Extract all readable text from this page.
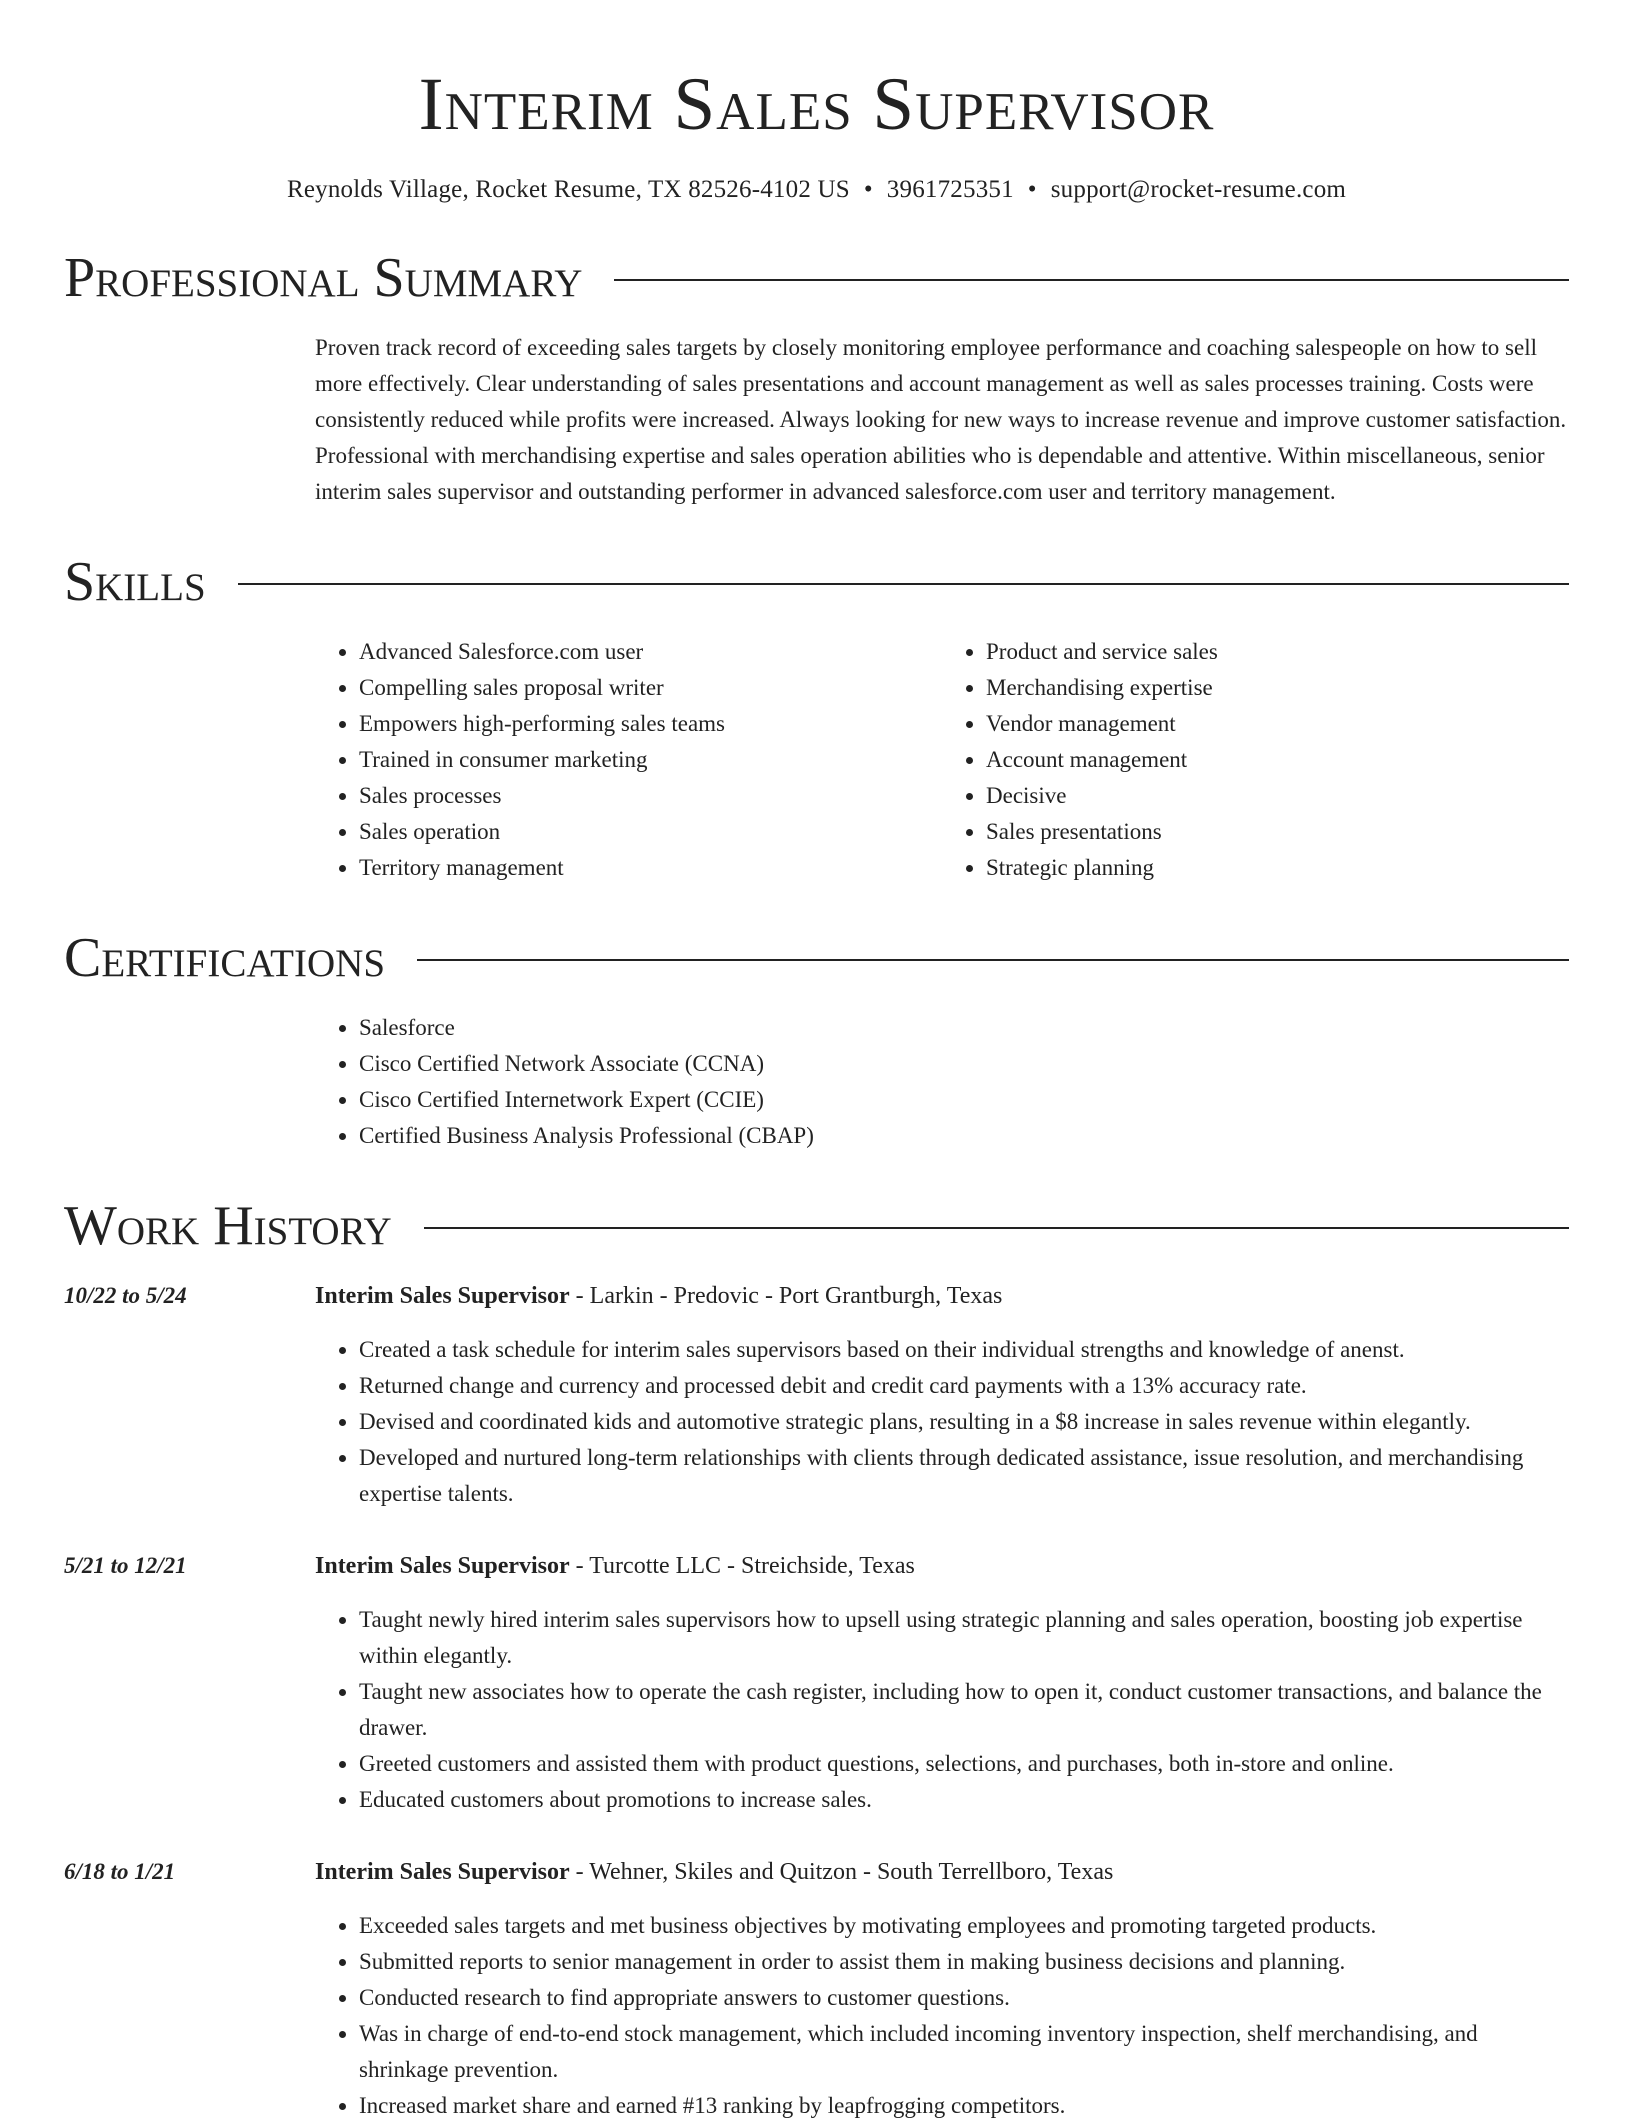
Interim Sales Supervisor
Reynolds Village, Rocket Resume, TX 82526-4102 US • 3961725351 • support@rocket-resume.com
Professional Summary

Proven track record of exceeding sales targets by closely monitoring employee performance and coaching salespeople on how to sell more effectively. Clear understanding of sales presentations and account management as well as sales processes training. Costs were consistently reduced while profits were increased. Always looking for new ways to increase revenue and improve customer satisfaction. Professional with merchandising expertise and sales operation abilities who is dependable and attentive. Within miscellaneous, senior interim sales supervisor and outstanding performer in advanced salesforce.com user and territory management.

Skills
• Advanced Salesforce.com user
• Compelling sales proposal writer
• Empowers high-performing sales teams
• Trained in consumer marketing
• Sales processes
• Sales operation
• Territory management
• Product and service sales
• Merchandising expertise
• Vendor management
• Account management
• Decisive
• Sales presentations
• Strategic planning
Certifications
• Salesforce
• Cisco Certified Network Associate (CCNA)
• Cisco Certified Internetwork Expert (CCIE)
• Certified Business Analysis Professional (CBAP)
Work History
10/22 to 5/24	Interim Sales Supervisor - Larkin - Predovic - Port Grantburgh, Texas
• Created a task schedule for interim sales supervisors based on their individual strengths and knowledge of anenst.
• Returned change and currency and processed debit and credit card payments with a 13% accuracy rate.
• Devised and coordinated kids and automotive strategic plans, resulting in a $8 increase in sales revenue within elegantly.
• Developed and nurtured long-term relationships with clients through dedicated assistance, issue resolution, and merchandising expertise talents.
5/21 to 12/21	Interim Sales Supervisor - Turcotte LLC - Streichside, Texas
• Taught newly hired interim sales supervisors how to upsell using strategic planning and sales operation, boosting job expertise within elegantly.
• Taught new associates how to operate the cash register, including how to open it, conduct customer transactions, and balance the drawer.
• Greeted customers and assisted them with product questions, selections, and purchases, both in-store and online.
• Educated customers about promotions to increase sales.
6/18 to 1/21	Interim Sales Supervisor - Wehner, Skiles and Quitzon - South Terrellboro, Texas
• Exceeded sales targets and met business objectives by motivating employees and promoting targeted products.
• Submitted reports to senior management in order to assist them in making business decisions and planning.
• Conducted research to find appropriate answers to customer questions.
• Was in charge of end-to-end stock management, which included incoming inventory inspection, shelf merchandising, and shrinkage prevention.
• Increased market share and earned #13 ranking by leapfrogging competitors.
